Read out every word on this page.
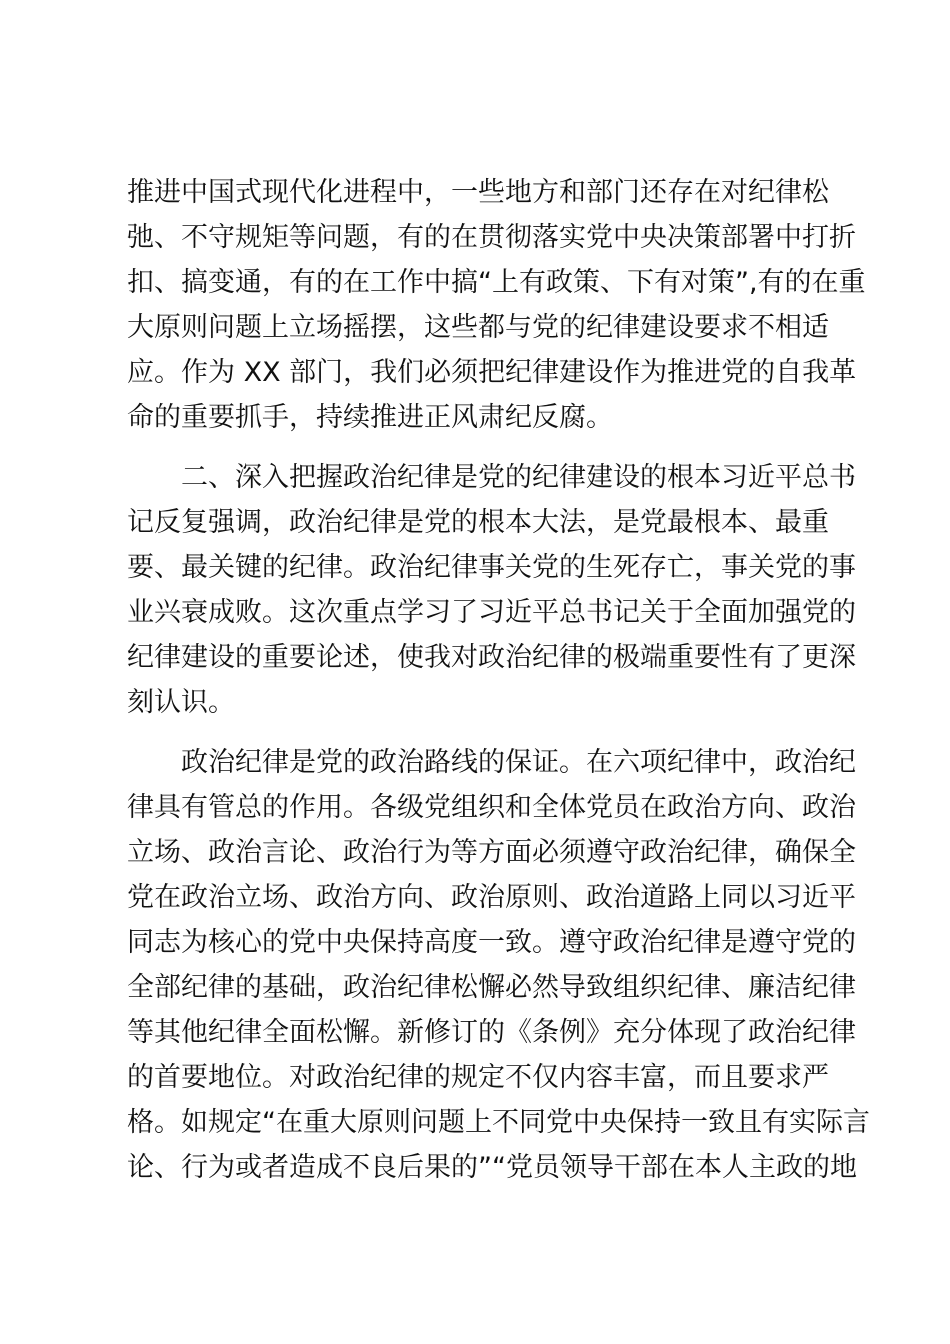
推进中国式现代化进程中，一些地方和部门还存在对纪律松
弛、不守规矩等问题，有的在贯彻落实党中央决策部署中打折
扣、搞变通，有的在工作中搞“上有政策、下有对策”,有的在重
大原则问题上立场摇摆，这些都与党的纪律建设要求不相适
应。作为 XX 部门，我们必须把纪律建设作为推进党的自我革
命的重要抓手，持续推进正风肃纪反腐。
二、深入把握政治纪律是党的纪律建设的根本习近平总书
记反复强调，政治纪律是党的根本大法，是党最根本、最重
要、最关键的纪律。政治纪律事关党的生死存亡，事关党的事
业兴衰成败。这次重点学习了习近平总书记关于全面加强党的
纪律建设的重要论述，使我对政治纪律的极端重要性有了更深
刻认识。
政治纪律是党的政治路线的保证。在六项纪律中，政治纪
律具有管总的作用。各级党组织和全体党员在政治方向、政治
立场、政治言论、政治行为等方面必须遵守政治纪律，确保全
党在政治立场、政治方向、政治原则、政治道路上同以习近平
同志为核心的党中央保持高度一致。遵守政治纪律是遵守党的
全部纪律的基础，政治纪律松懈必然导致组织纪律、廉洁纪律
等其他纪律全面松懈。新修订的《条例》充分体现了政治纪律
的首要地位。对政治纪律的规定不仅内容丰富，而且要求严
格。如规定“在重大原则问题上不同党中央保持一致且有实际言
论、行为或者造成不良后果的”“党员领导干部在本人主政的地
